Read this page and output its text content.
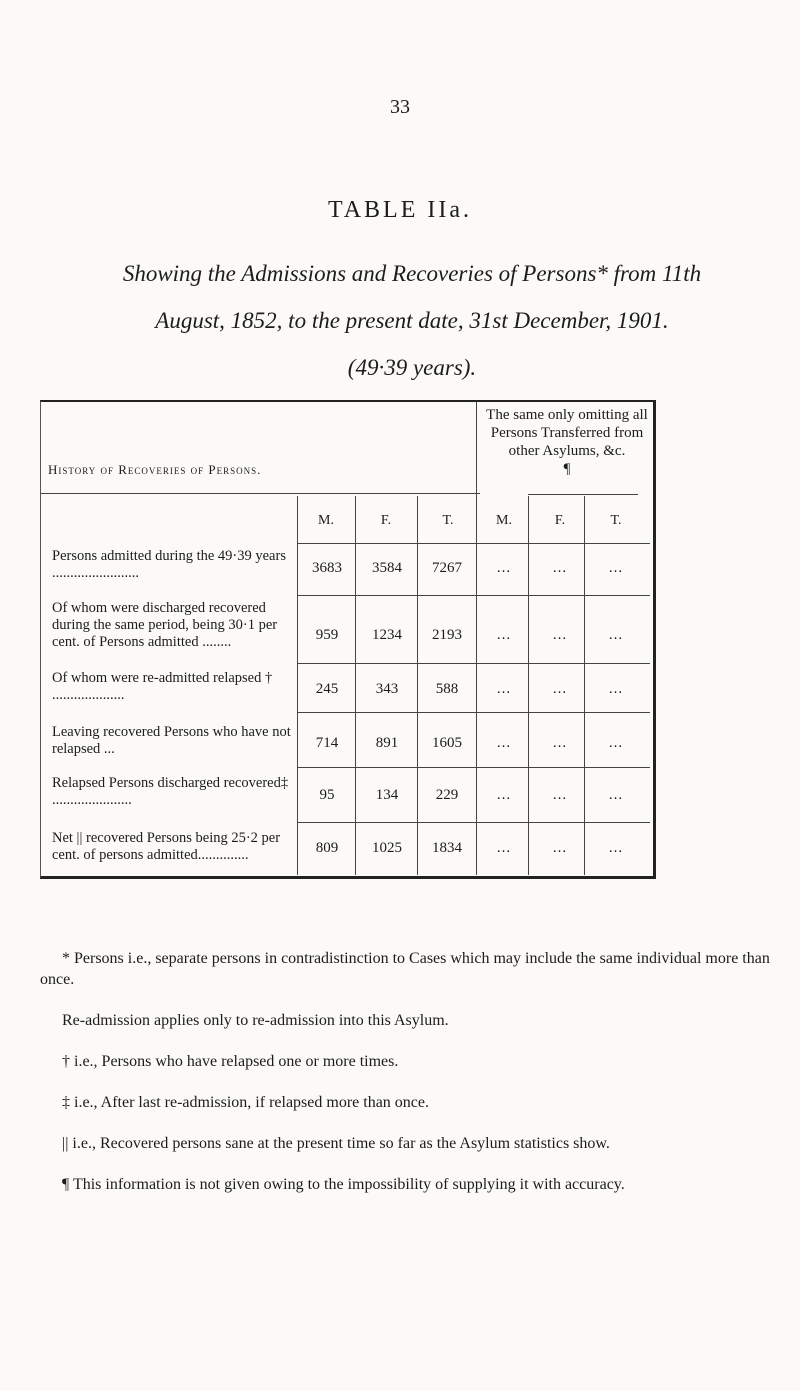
33
TABLE IIa.
Showing the Admissions and Recoveries of Persons* from 11th
August, 1852, to the present date, 31st December, 1901.
(49·39 years).
History of Recoveries of Persons.
The same only omitting all Persons Transferred from other Asylums, &c.
¶
M.	F.	T.	M.	F.	T.
Persons admitted during the 49·39 years ........................	3683	3584	7267	...	...	...
Of whom were discharged recovered during the same period, being 30·1 per cent. of Persons admitted ........	959	1234	2193	...	...	...
Of whom were re-admitted relapsed † ....................	245	343	588	...	...	...
Leaving recovered Persons who have not relapsed ...	714	891	1605	...	...	...
Relapsed Persons discharged recovered‡ ......................	95	134	229	...	...	...
Net || recovered Persons being 25·2 per cent. of persons admitted..............	809	1025	1834	...	...	...

* Persons i.e., separate persons in contradistinction to Cases which may include the same individual more than once.

Re-admission applies only to re-admission into this Asylum.

† i.e., Persons who have relapsed one or more times.

‡ i.e., After last re-admission, if relapsed more than once.

|| i.e., Recovered persons sane at the present time so far as the Asylum statistics show.

¶ This information is not given owing to the impossibility of supplying it with accuracy.
